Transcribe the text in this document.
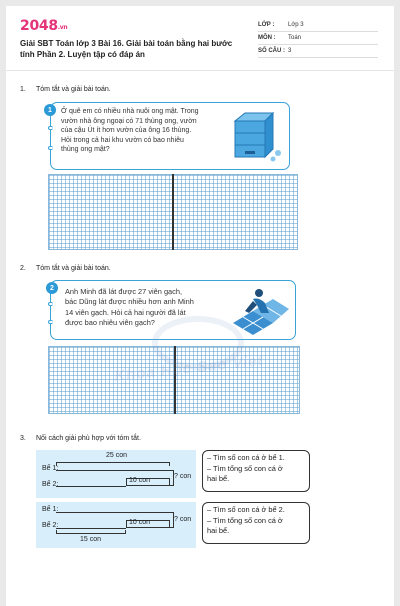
2048.vn
Giải SBT Toán lớp 3 Bài 16. Giải bài toán bằng hai bước tính Phần 2. Luyện tập có đáp án
LỚP :	Lớp 3
MÔN :	Toán
SỐ CÂU : 3
1. Tóm tắt và giải bài toán.
Ở quê em có nhiều nhà nuôi ong mật. Trong
vườn nhà ông ngoại có 71 thùng ong, vườn
của cậu Út ít hơn vườn của ông 16 thùng.
Hỏi trong cả hai khu vườn có bao nhiêu
thùng ong mật?
1
2. Tóm tắt và giải bài toán.
Anh Minh đã lát được 27 viên gạch,
bác Dũng lát được nhiều hơn anh Minh
14 viên gạch. Hỏi cả hai người đã lát
được bao nhiêu viên gạch?
2
Khoa Hoc Sao Viet
3. Nối cách giải phù hợp với tóm tắt.
25 con
Bể 1:
Bể 2:
10 con
? con
Bể 1:
Bể 2:	10 con	? con
15 con
– Tìm số con cá ở bể 1.
– Tìm tổng số con cá ở
hai bể.
– Tìm số con cá ở bể 2.
– Tìm tổng số con cá ở
hai bể.
